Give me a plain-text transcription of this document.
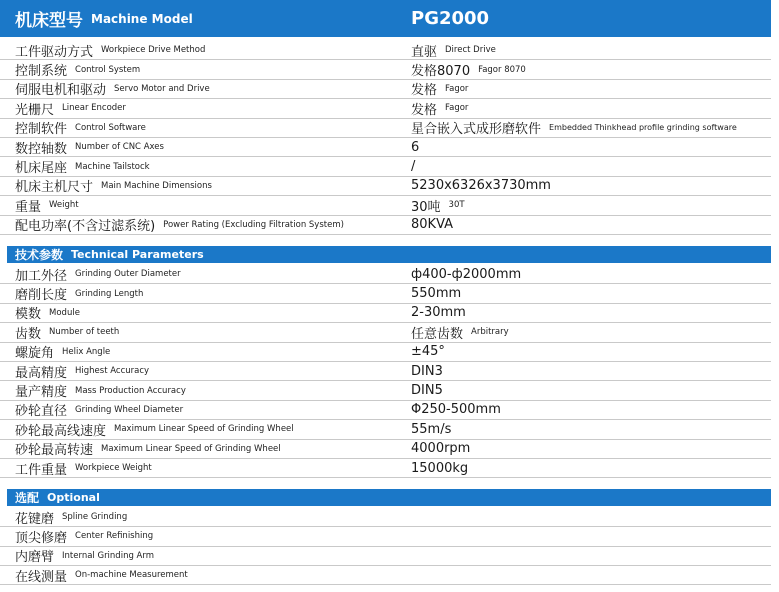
机床型号 Machine Model	PG2000
工件驱动方式 Workpiece Drive Method	直驱 Direct Drive
控制系统 Control System	发格8070 Fagor 8070
伺服电机和驱动 Servo Motor and Drive	发格 Fagor
光栅尺 Linear Encoder	发格 Fagor
控制软件 Control Software	星合嵌入式成形磨软件 Embedded Thinkhead profile grinding software
数控轴数 Number of CNC Axes	6
机床尾座 Machine Tailstock	/
机床主机尺寸 Main Machine Dimensions	5230x6326x3730mm
重量 Weight	30吨 30T
配电功率(不含过滤系统) Power Rating (Excluding Filtration System)	80KVA
技术参数 Technical Parameters
加工外径 Grinding Outer Diameter	ф400-ф2000mm
磨削长度 Grinding Length	550mm
模数 Module	2-30mm
齿数 Number of teeth	任意齿数 Arbitrary
螺旋角 Helix Angle	±45°
最高精度 Highest Accuracy	DIN3
量产精度 Mass Production Accuracy	DIN5
砂轮直径 Grinding Wheel Diameter	Φ250-500mm
砂轮最高线速度 Maximum Linear Speed of Grinding Wheel	55m/s
砂轮最高转速 Maximum Linear Speed of Grinding Wheel	4000rpm
工件重量 Workpiece Weight	15000kg
选配 Optional
花键磨 Spline Grinding
顶尖修磨 Center Refinishing
内磨臂 Internal Grinding Arm
在线测量 On-machine Measurement
